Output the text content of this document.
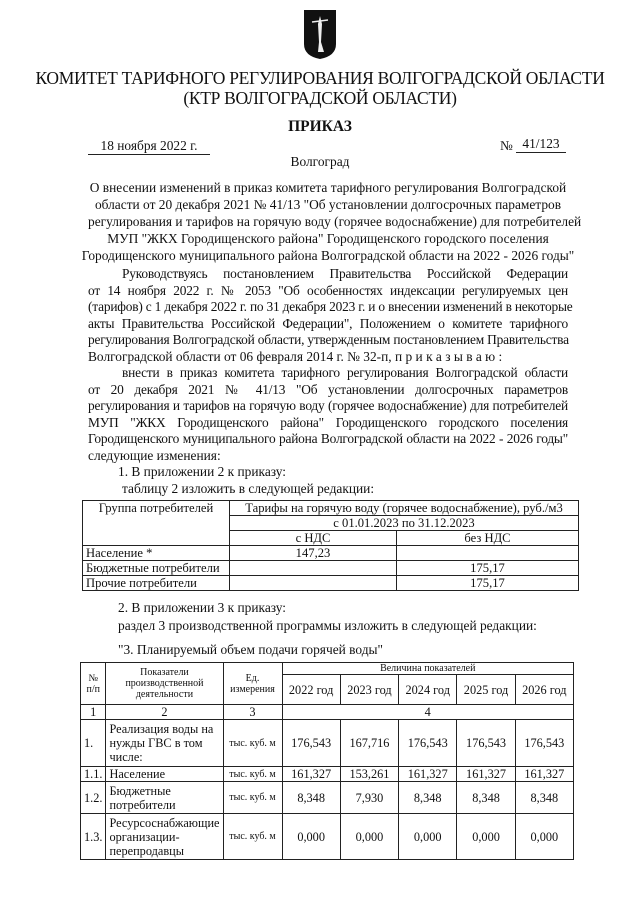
КОМИТЕТ ТАРИФНОГО РЕГУЛИРОВАНИЯ ВОЛГОГРАДСКОЙ ОБЛАСТИ
(КТР ВОЛГОГРАДСКОЙ ОБЛАСТИ)
ПРИКАЗ
18 ноября 2022 г.	№ 41/123
Волгоград
О внесении изменений в приказ комитета тарифного регулирования Волгоградской
области от 20 декабря 2021 № 41/13 "Об установлении долгосрочных параметров
регулирования и тарифов на горячую воду (горячее водоснабжение) для потребителей
МУП "ЖКХ Городищенского района" Городищенского городского поселения
Городищенского муниципального района Волгоградской области на 2022 - 2026 годы"
Руководствуясь постановлением Правительства Российской Федерации
от 14 ноября 2022 г. № 2053 "Об особенностях индексации регулируемых цен
(тарифов) с 1 декабря 2022 г. по 31 декабря 2023 г. и о внесении изменений в некоторые
акты Правительства Российской Федерации", Положением о комитете тарифного
регулирования Волгоградской области, утвержденным постановлением Правительства
Волгоградской области от 06 февраля 2014 г. № 32-п, п р и к а з ы в а ю :
внести в приказ комитета тарифного регулирования Волгоградской области
от 20 декабря 2021 № 41/13 "Об установлении долгосрочных параметров
регулирования и тарифов на горячую воду (горячее водоснабжение) для потребителей
МУП "ЖКХ Городищенского района" Городищенского городского поселения
Городищенского муниципального района Волгоградской области на 2022 - 2026 годы"
следующие изменения:
1. В приложении 2 к приказу:
таблицу 2 изложить в следующей редакции:
Группа потребителей	Тарифы на горячую воду (горячее водоснабжение), руб./м3	
	с 01.01.2023 по 31.12.2023	
	с НДС	без НДС
Население *	147,23	
Бюджетные потребители		175,17
Прочие потребители		175,17
2. В приложении 3 к приказу:
раздел 3 производственной программы изложить в следующей редакции:
"3. Планируемый объем подачи горячей воды"
№ п/п	Показатели производственной деятельности	Ед. измерения	Величина показателей				
			2022 год	2023 год	2024 год	2025 год	2026 год
1	2	3	4				
1.	Реализация воды на нужды ГВС в том числе:	тыс. куб. м	176,543	167,716	176,543	176,543	176,543
1.1.	Население	тыс. куб. м	161,327	153,261	161,327	161,327	161,327
1.2.	Бюджетные потребители	тыс. куб. м	8,348	7,930	8,348	8,348	8,348
1.3.	Ресурсоснабжающие организации-перепродавцы	тыс. куб. м	0,000	0,000	0,000	0,000	0,000
